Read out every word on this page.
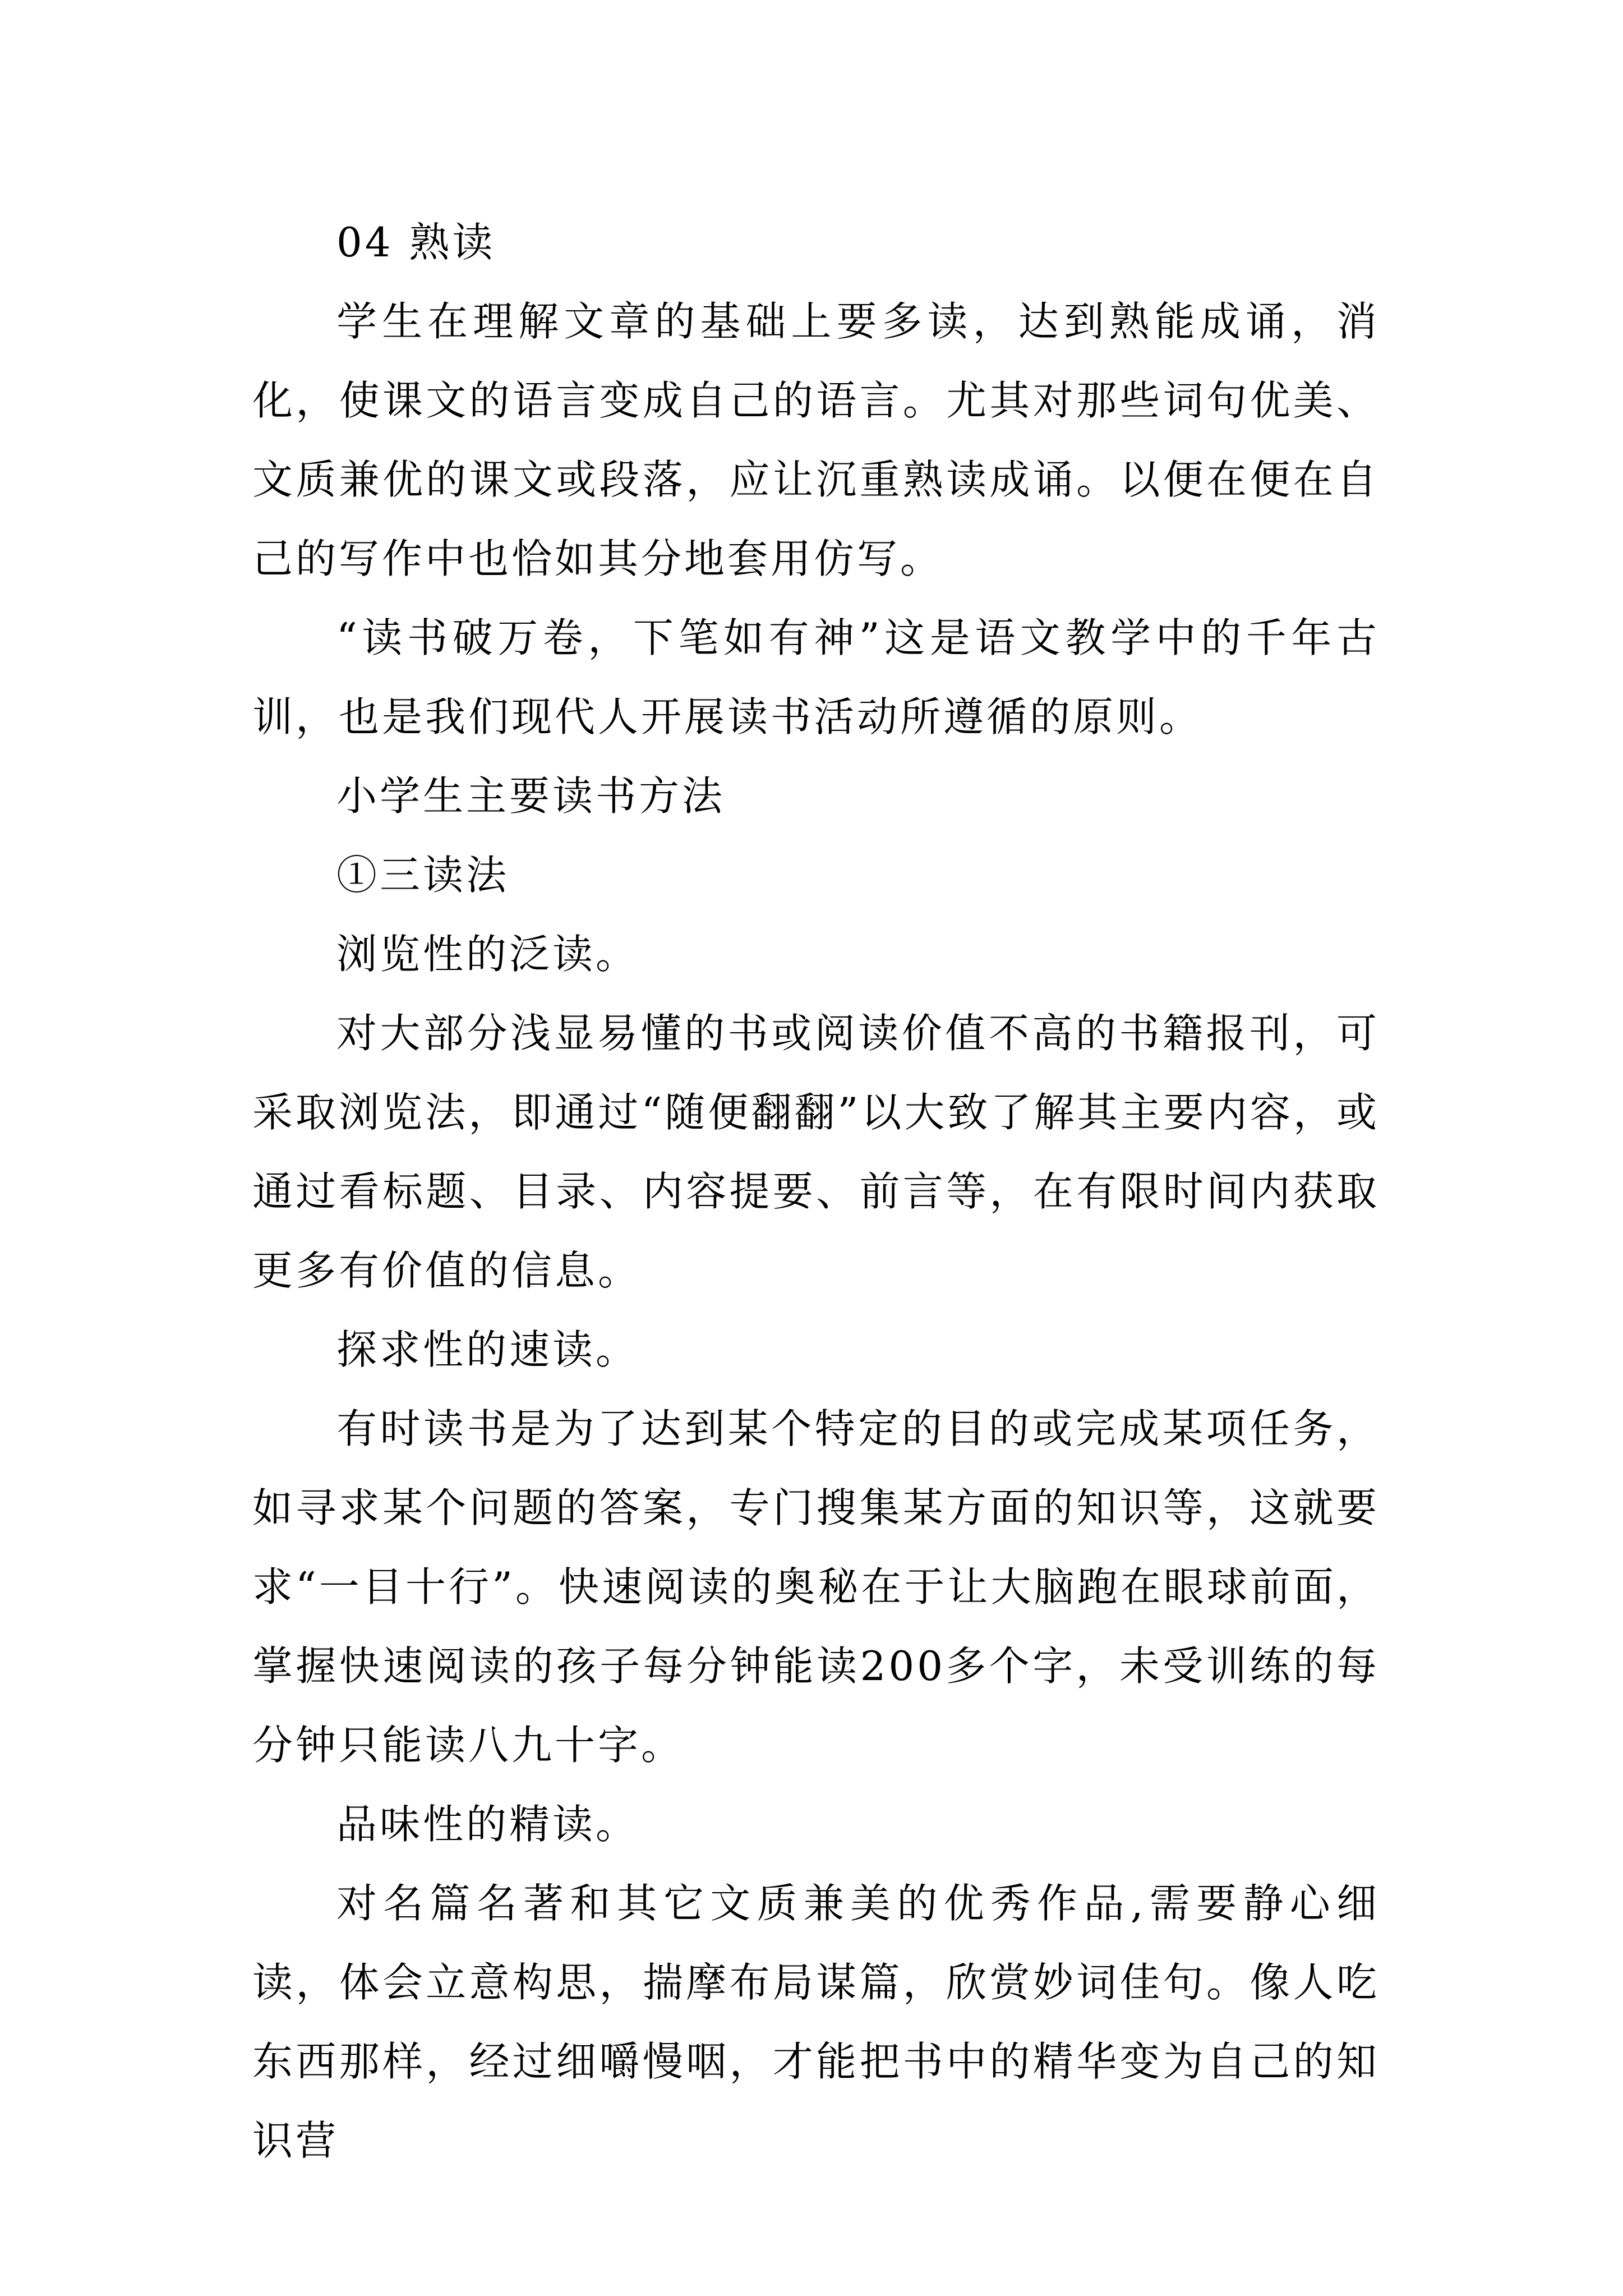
04 熟读

学生在理解文章的基础上要多读，达到熟能成诵，消化，使课文的语言变成自己的语言。尤其对那些词句优美、文质兼优的课文或段落，应让沉重熟读成诵。以便在便在自己的写作中也恰如其分地套用仿写。

“读书破万卷，下笔如有神”这是语文教学中的千年古训，也是我们现代人开展读书活动所遵循的原则。

小学生主要读书方法

①三读法

浏览性的泛读。

对大部分浅显易懂的书或阅读价值不高的书籍报刊，可采取浏览法，即通过“随便翻翻”以大致了解其主要内容，或通过看标题、目录、内容提要、前言等，在有限时间内获取更多有价值的信息。

探求性的速读。

有时读书是为了达到某个特定的目的或完成某项任务，如寻求某个问题的答案，专门搜集某方面的知识等，这就要求“一目十行”。快速阅读的奥秘在于让大脑跑在眼球前面，掌握快速阅读的孩子每分钟能读200多个字，未受训练的每分钟只能读八九十字。

品味性的精读。

对名篇名著和其它文质兼美的优秀作品,需要静心细读，体会立意构思，揣摩布局谋篇，欣赏妙词佳句。像人吃东西那样，经过细嚼慢咽，才能把书中的精华变为自己的知识营
